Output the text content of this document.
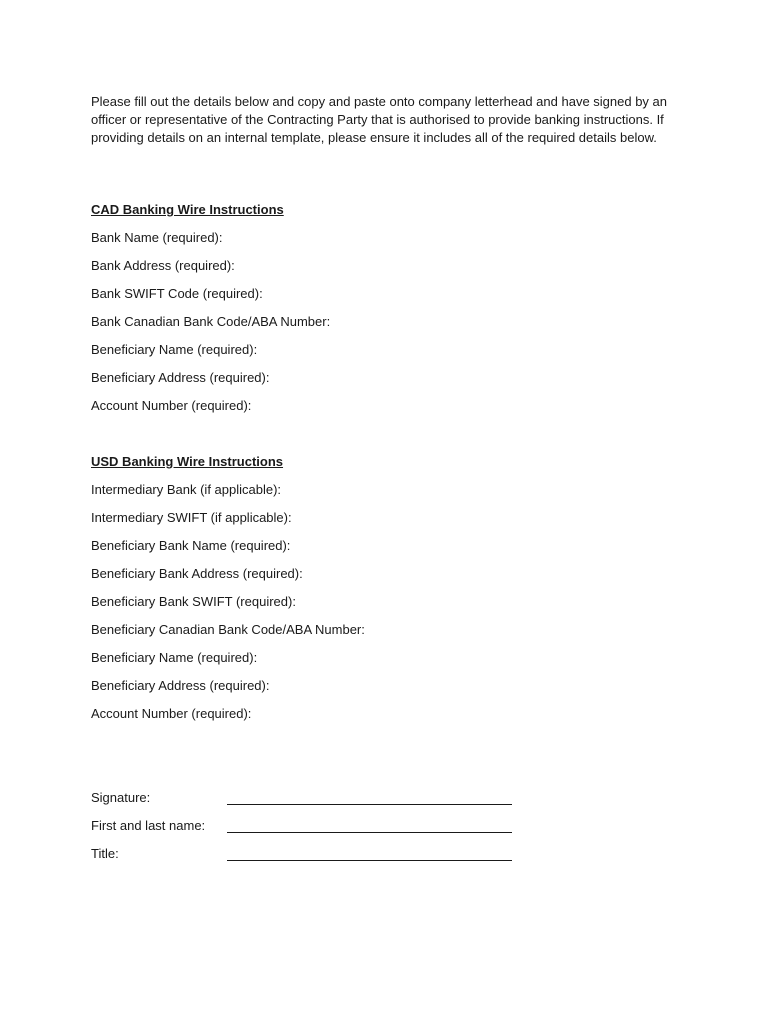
Please fill out the details below and copy and paste onto company letterhead and have signed by an officer or representative of the Contracting Party that is authorised to provide banking instructions. If providing details on an internal template, please ensure it includes all of the required details below.

CAD Banking Wire Instructions

Bank Name (required):

Bank Address (required):

Bank SWIFT Code (required):

Bank Canadian Bank Code/ABA Number:

Beneficiary Name (required):

Beneficiary Address (required):

Account Number (required):

USD Banking Wire Instructions

Intermediary Bank (if applicable):

Intermediary SWIFT (if applicable):

Beneficiary Bank Name (required):

Beneficiary Bank Address (required):

Beneficiary Bank SWIFT (required):

Beneficiary Canadian Bank Code/ABA Number:

Beneficiary Name (required):

Beneficiary Address (required):

Account Number (required):

Signature:

First and last name:

Title:
